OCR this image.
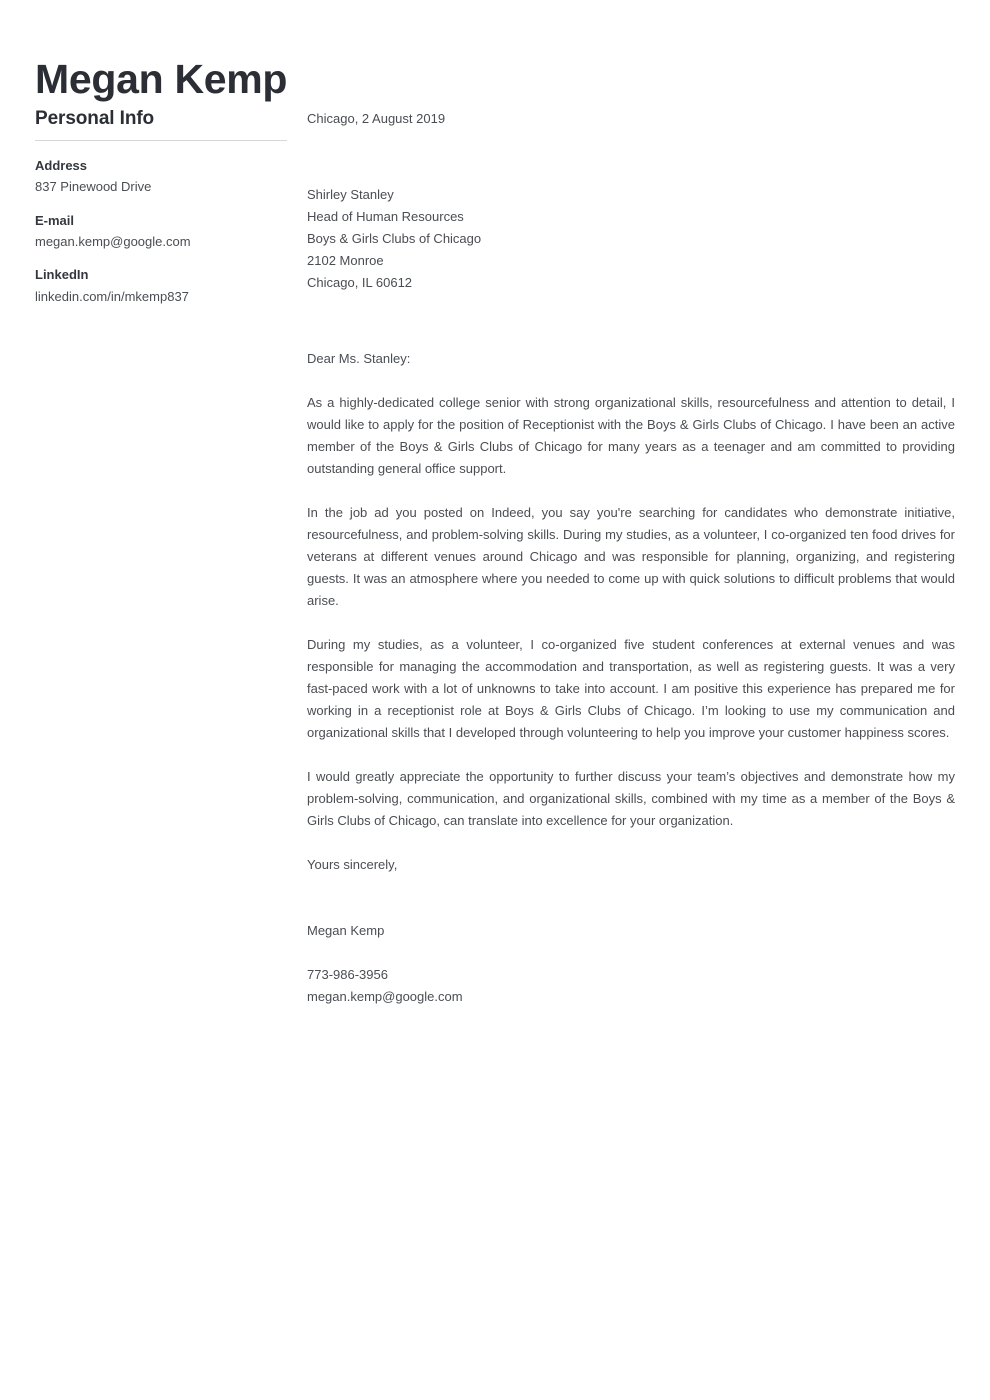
Megan Kemp
Personal Info
Address
837 Pinewood Drive
E-mail
megan.kemp@google.com
LinkedIn
linkedin.com/in/mkemp837

Chicago, 2 August 2019

Shirley Stanley
Head of Human Resources
Boys & Girls Clubs of Chicago
2102 Monroe
Chicago, IL 60612

Dear Ms. Stanley:

As a highly-dedicated college senior with strong organizational skills, resourcefulness and attention to detail, I would like to apply for the position of Receptionist with the Boys & Girls Clubs of Chicago. I have been an active member of the Boys & Girls Clubs of Chicago for many years as a teenager and am committed to providing outstanding general office support.

In the job ad you posted on Indeed, you say you're searching for candidates who demonstrate initiative, resourcefulness, and problem-solving skills. During my studies, as a volunteer, I co-organized ten food drives for veterans at different venues around Chicago and was responsible for planning, organizing, and registering guests. It was an atmosphere where you needed to come up with quick solutions to difficult problems that would arise.

During my studies, as a volunteer, I co-organized five student conferences at external venues and was responsible for managing the accommodation and transportation, as well as registering guests. It was a very fast-paced work with a lot of unknowns to take into account. I am positive this experience has prepared me for working in a receptionist role at Boys & Girls Clubs of Chicago. I’m looking to use my communication and organizational skills that I developed through volunteering to help you improve your customer happiness scores.

I would greatly appreciate the opportunity to further discuss your team’s objectives and demonstrate how my problem-solving, communication, and organizational skills, combined with my time as a member of the Boys & Girls Clubs of Chicago, can translate into excellence for your organization.

Yours sincerely,

Megan Kemp

773-986-3956
megan.kemp@google.com
